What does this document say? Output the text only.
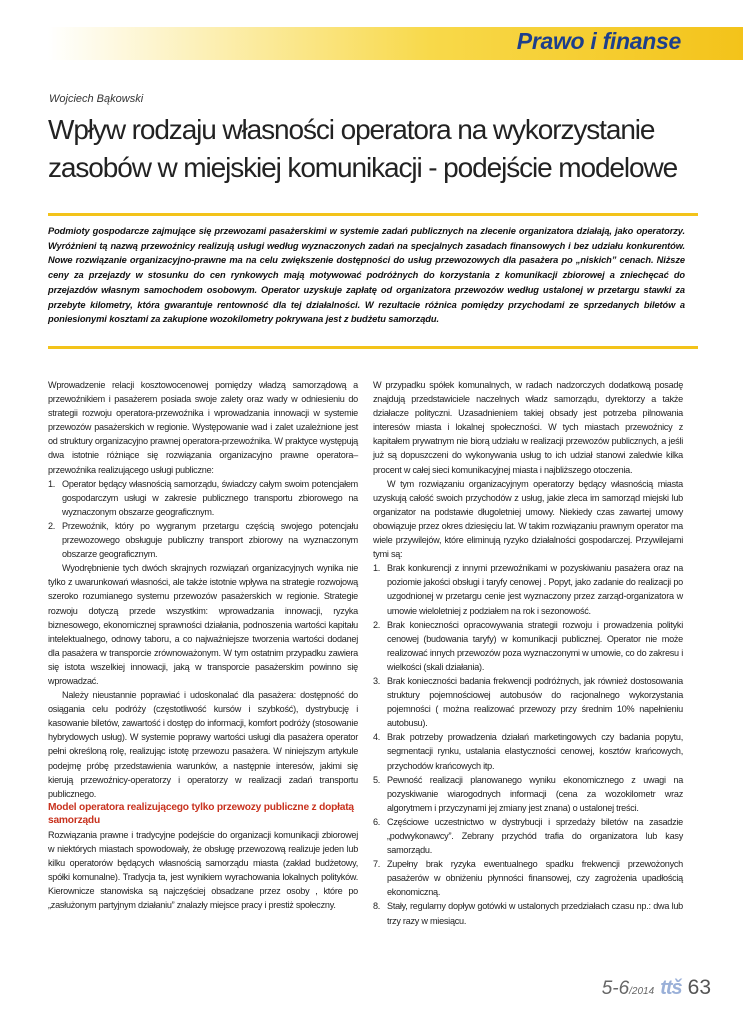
Prawo i finanse
Wojciech Bąkowski
Wpływ rodzaju własności operatora na wykorzystanie zasobów w miejskiej komunikacji - podejście modelowe

Podmioty gospodarcze zajmujące się przewozami pasażerskimi w systemie zadań publicznych na zlecenie organizatora działają, jako operatorzy. Wyróżnieni tą nazwą przewoźnicy realizują usługi według wyznaczonych zadań na specjalnych zasadach finansowych i bez udziału konkurentów. Nowe rozwiązanie organizacyjno-prawne ma na celu zwiększenie dostępności do usług przewozowych dla pasażera po „niskich” cenach. Niższe ceny za przejazdy w stosunku do cen rynkowych mają motywować podróżnych do korzystania z komunikacji zbiorowej a zniechęcać do przejazdów własnym samochodem osobowym. Operator uzyskuje zapłatę od organizatora przewozów według ustalonej w przetargu stawki za przebyte kilometry, która gwarantuje rentowność dla tej działalności. W rezultacie różnica pomiędzy przychodami ze sprzedanych biletów a poniesionymi kosztami za zakupione wozokilometry pokrywana jest z budżetu samorządu.

Wprowadzenie relacji kosztowocenowej pomiędzy władzą samorządową a przewoźnikiem i pasażerem posiada swoje zalety oraz wady w odniesieniu do strategii rozwoju operatora-przewoźnika i wprowadzania innowacji w systemie przewozów pasażerskich w regionie. Występowanie wad i zalet uzależnione jest od struktury organizacyjno prawnej operatora-przewoźnika. W praktyce występują dwa istotnie różniące się rozwiązania organizacyjno prawne operatora– przewoźnika realizującego usługi publiczne:

1. Operator będący własnością samorządu, świadczy całym swoim potencjałem gospodarczym usługi w zakresie publicznego transportu zbiorowego na wyznaczonym obszarze geograficznym.
2. Przewoźnik, który po wygranym przetargu częścią swojego potencjału przewozowego obsługuje publiczny transport zbiorowy na wyznaczonym obszarze geograficznym.

Wyodrębnienie tych dwóch skrajnych rozwiązań organizacyjnych wynika nie tylko z uwarunkowań własności, ale także istotnie wpływa na strategie rozwojową szeroko rozumianego systemu przewozów pasażerskich w regionie. Strategie rozwoju dotyczą przede wszystkim: wprowadzania innowacji, ryzyka biznesowego, ekonomicznej sprawności działania, podnoszenia wartości kapitału intelektualnego, odnowy taboru, a co najważniejsze tworzenia wartości dodanej dla pasażera w transporcie zrównoważonym. W tym ostatnim przypadku zawiera się istota wszelkiej innowacji, jaką w transporcie pasażerskim powinno się wprowadzać.

Należy nieustannie poprawiać i udoskonalać dla pasażera: dostępność do osiągania celu podróży (częstotliwość kursów i szybkość), dystrybucję i kasowanie biletów, zawartość i dostęp do informacji, komfort podróży (stosowanie hybrydowych usług). W systemie poprawy wartości usługi dla pasażera operator pełni określoną rolę, realizując istotę przewozu pasażera. W niniejszym artykule podejmę próbę przedstawienia warunków, a następnie interesów, jakimi się kierują przewoźnicy-operatorzy i operatorzy w realizacji zadań transportu publicznego.

Model operatora realizującego tylko przewozy publiczne z dopłatą samorządu

Rozwiązania prawne i tradycyjne podejście do organizacji komunikacji zbiorowej w niektórych miastach spowodowały, że obsługę przewozową realizuje jeden lub kilku operatorów będących własnością samorządu miasta (zakład budżetowy, spółki komunalne). Tradycja ta, jest wynikiem wyrachowania lokalnych polityków. Kierownicze stanowiska są najczęściej obsadzane przez osoby , które po „zasłużonym partyjnym działaniu” znalazły miejsce pracy i prestiż społeczny.

W przypadku spółek komunalnych, w radach nadzorczych dodatkową posadę znajdują przedstawiciele naczelnych władz samorządu, dyrektorzy a także działacze polityczni. Uzasadnieniem takiej obsady jest potrzeba pilnowania interesów miasta i lokalnej społeczności. W tych miastach przewoźnicy z kapitałem prywatnym nie biorą udziału w realizacji przewozów publicznych, a jeśli już są dopuszczeni do wykonywania usług to ich udział stanowi zaledwie kilka procent w całej sieci komunikacyjnej miasta i najbliższego otoczenia.

W tym rozwiązaniu organizacyjnym operatorzy będący własnością miasta uzyskują całość swoich przychodów z usług, jakie zleca im samorząd miejski lub organizator na podstawie długoletniej umowy. Niekiedy czas zawartej umowy obowiązuje przez okres dziesięciu lat. W takim rozwiązaniu prawnym operator ma wiele przywilejów, które eliminują ryzyko działalności gospodarczej. Przywilejami tymi są:

1. Brak konkurencji z innymi przewoźnikami w pozyskiwaniu pasażera oraz na poziomie jakości obsługi i taryfy cenowej . Popyt, jako zadanie do realizacji po uzgodnionej w przetargu cenie jest wyznaczony przez zarząd-organizatora w umowie wieloletniej z podziałem na rok i sezonowość.
2. Brak konieczności opracowywania strategii rozwoju i prowadzenia polityki cenowej (budowania taryfy) w komunikacji publicznej. Operator nie może realizować innych przewozów poza wyznaczonymi w umowie, co do zakresu i wielkości (skali działania).
3. Brak konieczności badania frekwencji podróżnych, jak również dostosowania struktury pojemnościowej autobusów do racjonalnego wykorzystania pojemności ( można realizować przewozy przy średnim 10% napełnieniu autobusu).
4. Brak potrzeby prowadzenia działań marketingowych czy badania popytu, segmentacji rynku, ustalania elastyczności cenowej, kosztów krańcowych, przychodów krańcowych itp.
5. Pewność realizacji planowanego wyniku ekonomicznego z uwagi na pozyskiwanie wiarogodnych informacji (cena za wozokilometr wraz algorytmem i przyczynami jej zmiany jest znana) o ustalonej treści.
6. Częściowe uczestnictwo w dystrybucji i sprzedaży biletów na zasadzie „podwykonawcy”. Zebrany przychód trafia do organizatora lub kasy samorządu.
7. Zupełny brak ryzyka ewentualnego spadku frekwencji przewożonych pasażerów w obniżeniu płynności finansowej, czy zagrożenia upadłością ekonomiczną.
8. Stały, regularny dopływ gotówki w ustalonych przedziałach czasu np.: dwa lub trzy razy w miesiącu.
5-6/2014 ttš 63
